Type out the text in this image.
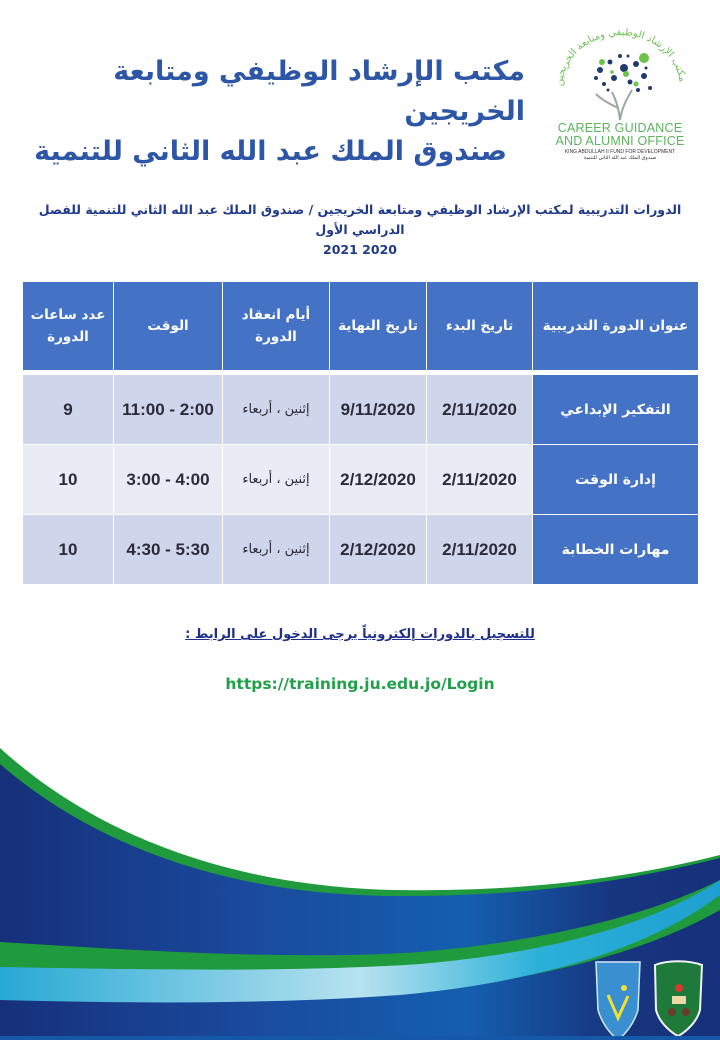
مكتب الإرشاد الوظيفي ومتابعة الخريجين
صندوق الملك عبد الله الثاني للتنمية
مكتب الإرشاد الوظيفي ومتابعة الخريجين
CAREER GUIDANCE
AND ALUMNI OFFICE
KING ABDULLAH II FUND FOR DEVELOPMENT
صندوق الملك عبد الله الثاني للتنمية
الدورات التدريبية لمكتب الإرشاد الوظيفي ومتابعة الخريجين / صندوق الملك عبد الله الثاني للتنمية للفصل الدراسي الأول
2020 2021
عنوان الدورة التدريبية	تاريخ البدء	تاريخ النهاية	أيام انعقاد الدورة	الوقت	عدد ساعات الدورة

التفكير الإبداعي	2/11/2020	9/11/2020	إثنين ، أربعاء	11:00 - 2:00	9
إدارة الوقت	2/11/2020	2/12/2020	إثنين ، أربعاء	3:00 - 4:00	10
مهارات الخطابة	2/11/2020	2/12/2020	إثنين ، أربعاء	4:30 - 5:30	10
للتسجيل بالدورات إلكترونياً يرجى الدخول على الرابط :
https://training.ju.edu.jo/Login
